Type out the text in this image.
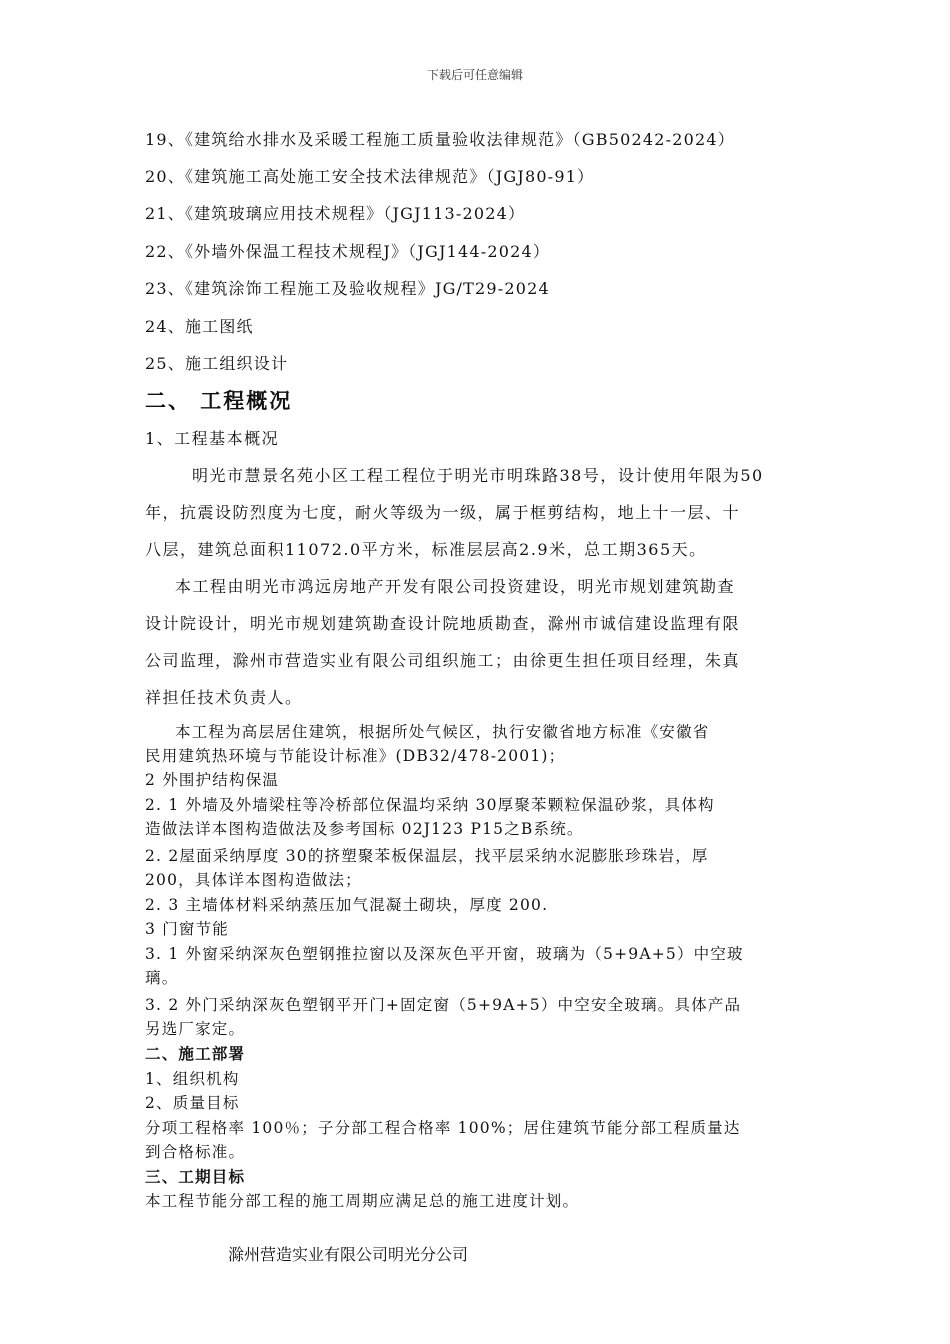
下载后可任意编辑
19、《建筑给水排水及采暖工程施工质量验收法律规范》（GB50242-2024）
20、《建筑施工高处施工安全技术法律规范》（JGJ80-91）
21、《建筑玻璃应用技术规程》（JGJ113-2024）
22、《外墙外保温工程技术规程J》（JGJ144-2024）
23、《建筑涂饰工程施工及验收规程》JG/T29-2024
24、施工图纸
25、施工组织设计
二、 工程概况
1、工程基本概况
明光市慧景名苑小区工程工程位于明光市明珠路38号，设计使用年限为50
年，抗震设防烈度为七度，耐火等级为一级，属于框剪结构，地上十一层、十
八层，建筑总面积11072.0平方米，标准层层高2.9米，总工期365天。
本工程由明光市鸿远房地产开发有限公司投资建设，明光市规划建筑勘查
设计院设计，明光市规划建筑勘查设计院地质勘查，滁州市诚信建设监理有限
公司监理，滁州市营造实业有限公司组织施工；由徐更生担任项目经理，朱真
祥担任技术负责人。
本工程为高层居住建筑，根据所处气候区，执行安徽省地方标准《安徽省
民用建筑热环境与节能设计标准》(DB32/478-2001)；
2 外围护结构保温
2. 1 外墙及外墙梁柱等冷桥部位保温均采纳 30厚聚苯颗粒保温砂浆，具体构
造做法详本图构造做法及参考国标 02J123 P15之B系统。
2. 2屋面采纳厚度 30的挤塑聚苯板保温层，找平层采纳水泥膨胀珍珠岩，厚
200，具体详本图构造做法；
2. 3 主墙体材料采纳蒸压加气混凝土砌块，厚度 200.
3 门窗节能
3. 1 外窗采纳深灰色塑钢推拉窗以及深灰色平开窗，玻璃为（5+9A+5）中空玻
璃。
3. 2 外门采纳深灰色塑钢平开门+固定窗（5+9A+5）中空安全玻璃。具体产品
另选厂家定。
二、施工部署
1、组织机构
2、质量目标
分项工程格率 100％；子分部工程合格率 100%；居住建筑节能分部工程质量达
到合格标准。
三、工期目标
本工程节能分部工程的施工周期应满足总的施工进度计划。
滁州营造实业有限公司明光分公司
